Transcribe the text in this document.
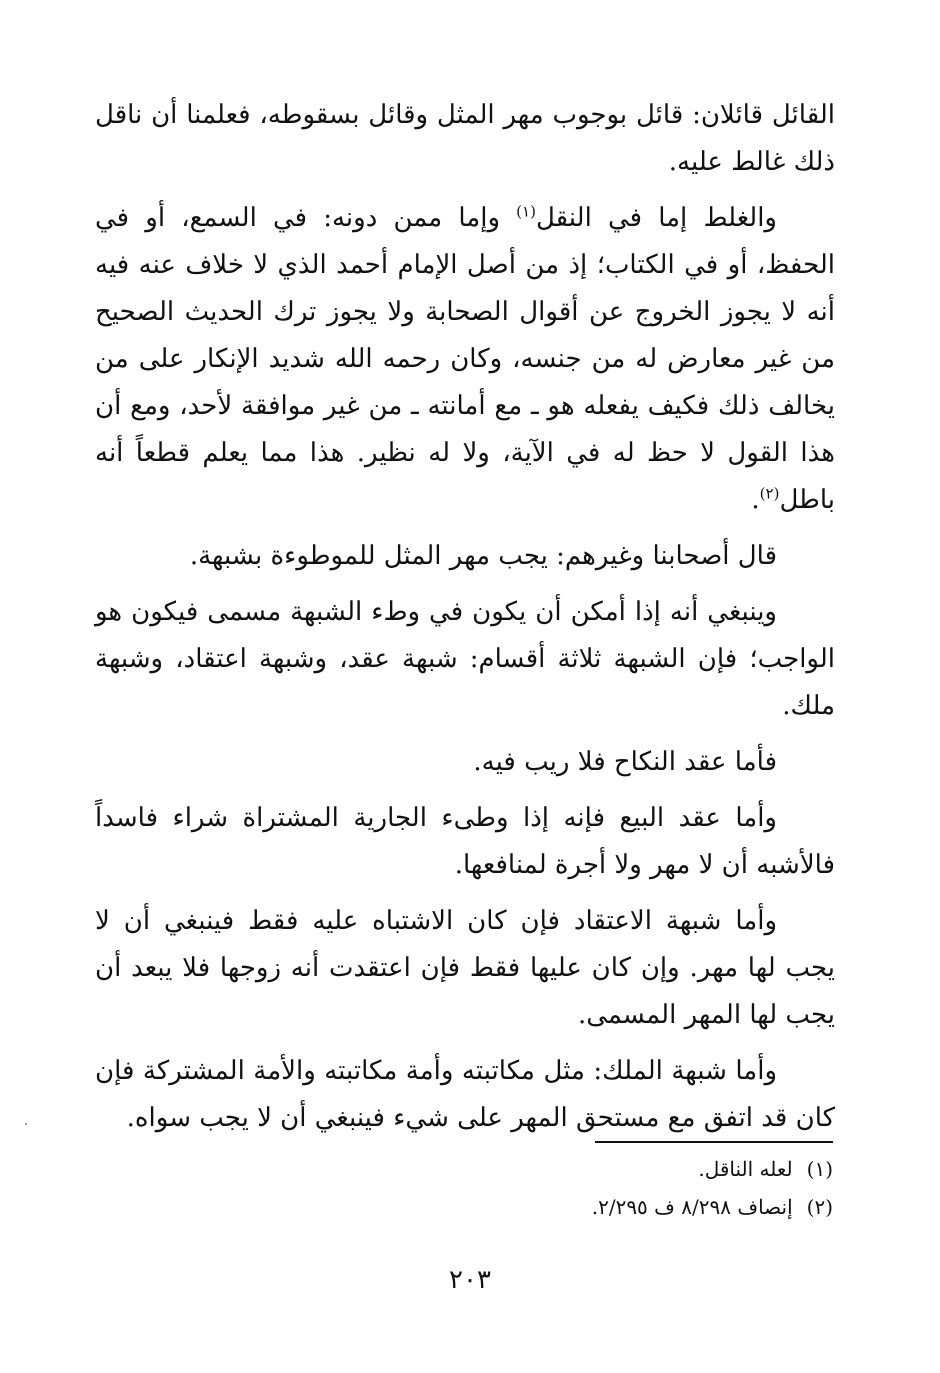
القائل قائلان: قائل بوجوب مهر المثل وقائل بسقوطه، فعلمنا أن ناقل ذلك غالط عليه.

والغلط إما في النقل$^{(١)}$ وإما ممن دونه: في السمع، أو في الحفظ، أو في الكتاب؛ إذ من أصل الإمام أحمد الذي لا خلاف عنه فيه أنه لا يجوز الخروج عن أقوال الصحابة ولا يجوز ترك الحديث الصحيح من غير معارض له من جنسه، وكان رحمه الله شديد الإنكار على من يخالف ذلك فكيف يفعله هو ـ مع أمانته ـ من غير موافقة لأحد، ومع أن هذا القول لا حظ له في الآية، ولا له نظير. هذا مما يعلم قطعاً أنه باطل$^{(٢)}$.

قال أصحابنا وغيرهم: يجب مهر المثل للموطوءة بشبهة.

وينبغي أنه إذا أمكن أن يكون في وطء الشبهة مسمى فيكون هو الواجب؛ فإن الشبهة ثلاثة أقسام: شبهة عقد، وشبهة اعتقاد، وشبهة ملك.

فأما عقد النكاح فلا ريب فيه.

وأما عقد البيع فإنه إذا وطىء الجارية المشتراة شراء فاسداً فالأشبه أن لا مهر ولا أجرة لمنافعها.

وأما شبهة الاعتقاد فإن كان الاشتباه عليه فقط فينبغي أن لا يجب لها مهر. وإن كان عليها فقط فإن اعتقدت أنه زوجها فلا يبعد أن يجب لها المهر المسمى.

وأما شبهة الملك: مثل مكاتبته وأمة مكاتبته والأمة المشتركة فإن كان قد اتفق مع مستحق المهر على شيء فينبغي أن لا يجب سواه.

(١) لعله الناقل.

(٢) إنصاف ٨/٢٩٨ ف ٢/٢٩٥.

٢٠٣
